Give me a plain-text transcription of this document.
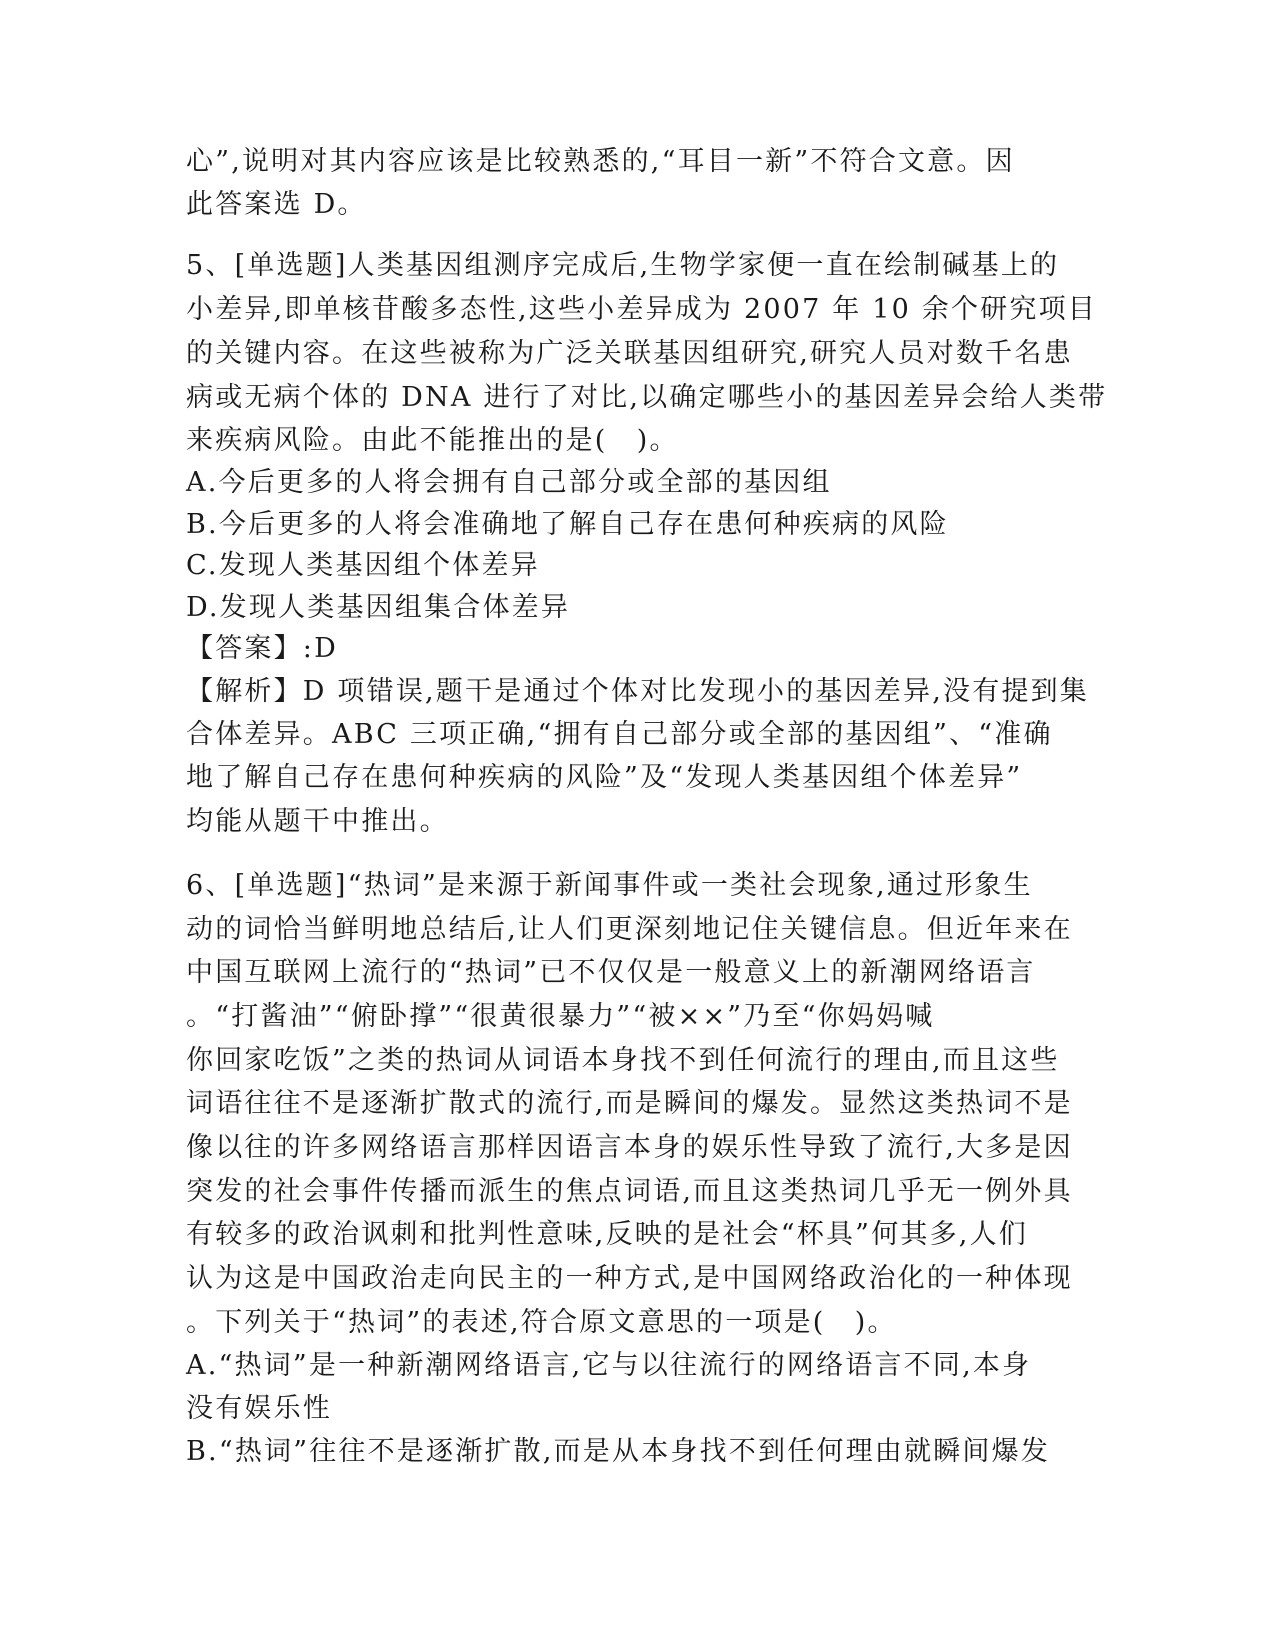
心”,说明对其内容应该是比较熟悉的,“耳目一新”不符合文意。因
此答案选 D。
5、[单选题]人类基因组测序完成后,生物学家便一直在绘制碱基上的
小差异,即单核苷酸多态性,这些小差异成为 2007 年 10 余个研究项目
的关键内容。在这些被称为广泛关联基因组研究,研究人员对数千名患
病或无病个体的 DNA 进行了对比,以确定哪些小的基因差异会给人类带
来疾病风险。由此不能推出的是(　)。
A.今后更多的人将会拥有自己部分或全部的基因组
B.今后更多的人将会准确地了解自己存在患何种疾病的风险
C.发现人类基因组个体差异
D.发现人类基因组集合体差异
【答案】:D
【解析】D 项错误,题干是通过个体对比发现小的基因差异,没有提到集
合体差异。ABC 三项正确,“拥有自己部分或全部的基因组”、“准确
地了解自己存在患何种疾病的风险”及“发现人类基因组个体差异”
均能从题干中推出。
6、[单选题]“热词”是来源于新闻事件或一类社会现象,通过形象生
动的词恰当鲜明地总结后,让人们更深刻地记住关键信息。但近年来在
中国互联网上流行的“热词”已不仅仅是一般意义上的新潮网络语言
。“打酱油”“俯卧撑”“很黄很暴力”“被××”乃至“你妈妈喊
你回家吃饭”之类的热词从词语本身找不到任何流行的理由,而且这些
词语往往不是逐渐扩散式的流行,而是瞬间的爆发。显然这类热词不是
像以往的许多网络语言那样因语言本身的娱乐性导致了流行,大多是因
突发的社会事件传播而派生的焦点词语,而且这类热词几乎无一例外具
有较多的政治讽刺和批判性意味,反映的是社会“杯具”何其多,人们
认为这是中国政治走向民主的一种方式,是中国网络政治化的一种体现
。下列关于“热词”的表述,符合原文意思的一项是(　)。
A.“热词”是一种新潮网络语言,它与以往流行的网络语言不同,本身
没有娱乐性
B.“热词”往往不是逐渐扩散,而是从本身找不到任何理由就瞬间爆发
